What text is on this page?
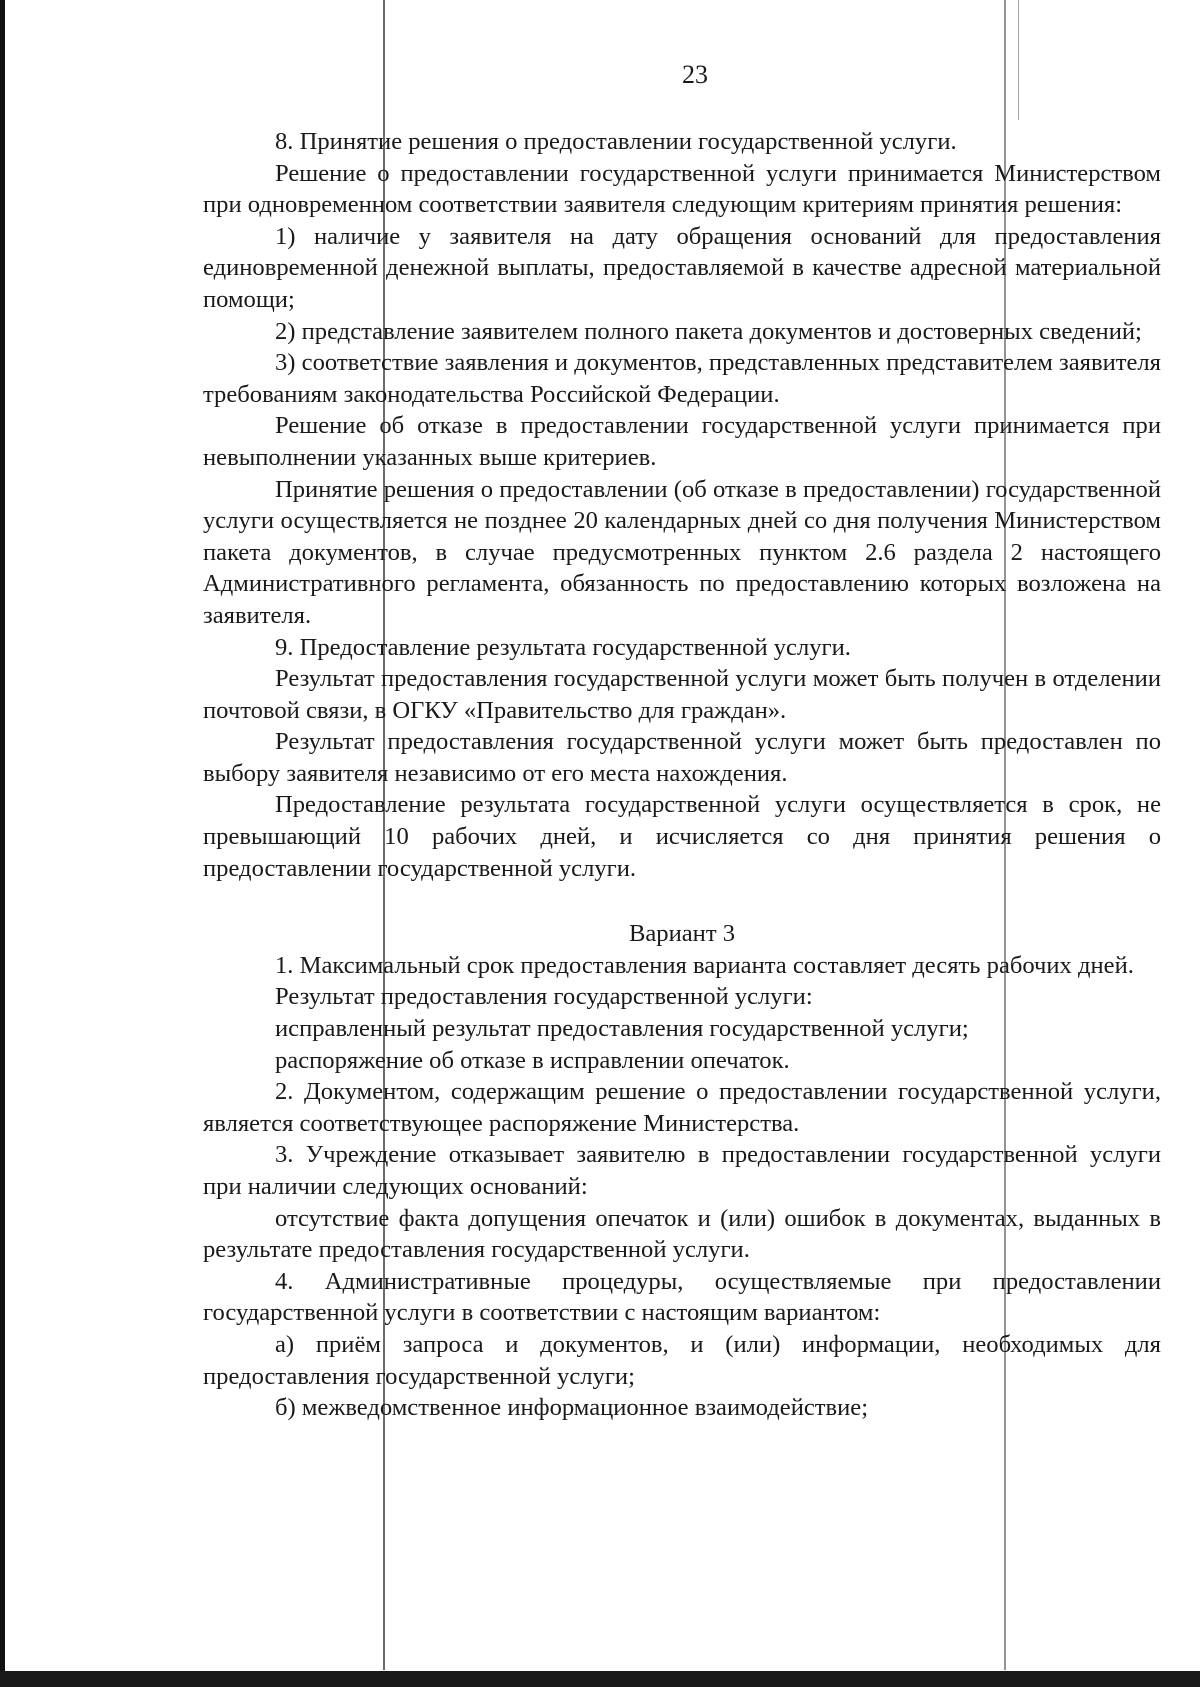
23

8. Принятие решения о предоставлении государственной услуги.

Решение о предоставлении государственной услуги принимается Министерством при одновременном соответствии заявителя следующим критериям принятия решения:

1) наличие у заявителя на дату обращения оснований для предоставления единовременной денежной выплаты, предоставляемой в качестве адресной материальной помощи;

2) представление заявителем полного пакета документов и достоверных сведений;

3) соответствие заявления и документов, представленных представителем заявителя требованиям законодательства Российской Федерации.

Решение об отказе в предоставлении государственной услуги принимается при невыполнении указанных выше критериев.

Принятие решения о предоставлении (об отказе в предоставлении) государственной услуги осуществляется не позднее 20 календарных дней со дня получения Министерством пакета документов, в случае предусмотренных пунктом 2.6 раздела 2 настоящего Административного регламента, обязанность по предоставлению которых возложена на заявителя.

9. Предоставление результата государственной услуги.

Результат предоставления государственной услуги может быть получен в отделении почтовой связи, в ОГКУ «Правительство для граждан».

Результат предоставления государственной услуги может быть предоставлен по выбору заявителя независимо от его места нахождения.

Предоставление результата государственной услуги осуществляется в срок, не превышающий 10 рабочих дней, и исчисляется со дня принятия решения о предоставлении государственной услуги.

Вариант 3

1. Максимальный срок предоставления варианта составляет десять рабочих дней.

Результат предоставления государственной услуги:

исправленный результат предоставления государственной услуги;

распоряжение об отказе в исправлении опечаток.

2. Документом, содержащим решение о предоставлении государственной услуги, является соответствующее распоряжение Министерства.

3. Учреждение отказывает заявителю в предоставлении государственной услуги при наличии следующих оснований:

отсутствие факта допущения опечаток и (или) ошибок в документах, выданных в результате предоставления государственной услуги.

4. Административные процедуры, осуществляемые при предоставлении государственной услуги в соответствии с настоящим вариантом:

а) приём запроса и документов, и (или) информации, необходимых для предоставления государственной услуги;

б) межведомственное информационное взаимодействие;
